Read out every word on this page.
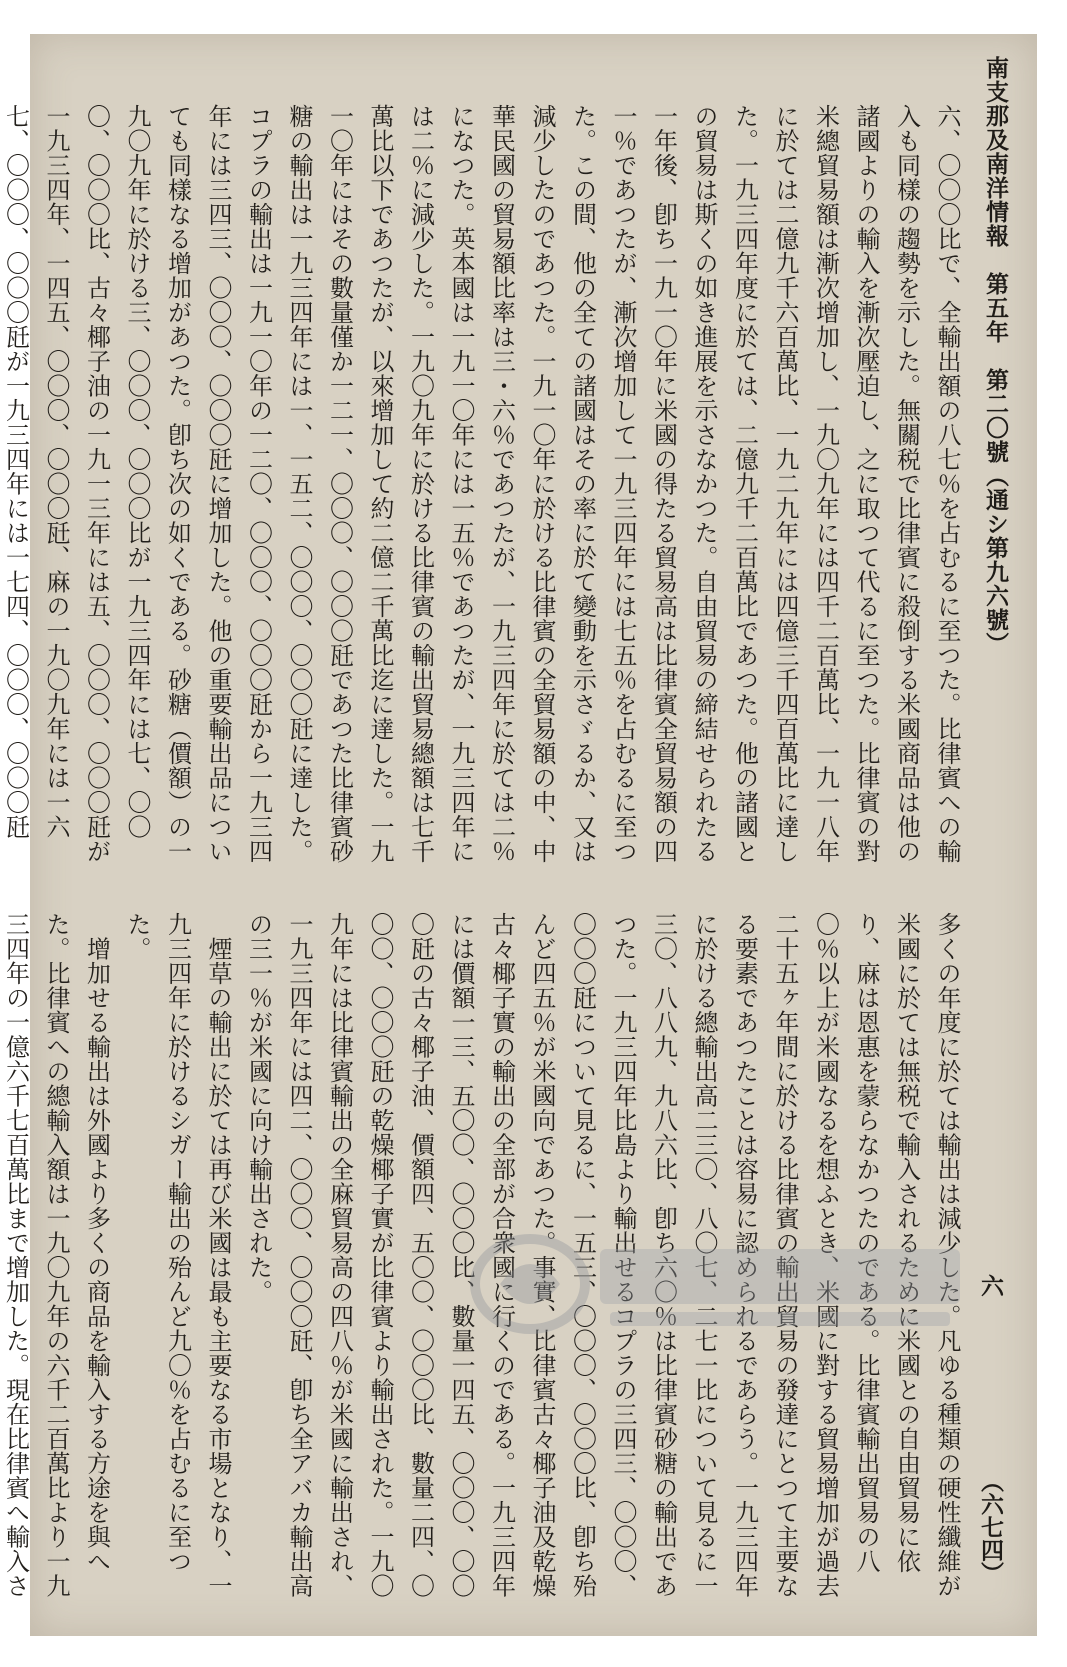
南支那及南洋情報　第五年　第二〇號（通シ第九六號）
六　　　　　　　　（六七四）

六、〇〇〇比で、全輸出額の八七％を占むるに至つた。比律賓への輸入も同樣の趨勢を示した。無關税で比律賓に殺倒する米國商品は他の諸國よりの輸入を漸次壓迫し、之に取つて代るに至つた。比律賓の對米總貿易額は漸次增加し、一九〇九年には四千二百萬比、一九一八年に於ては二億九千六百萬比、一九二九年には四億三千四百萬比に達した。一九三四年度に於ては、二億九千二百萬比であつた。他の諸國との貿易は斯くの如き進展を示さなかつた。自由貿易の締結せられたる一年後、卽ち一九一〇年に米國の得たる貿易高は比律賓全貿易額の四一％であつたが、漸次增加して一九三四年には七五％を占むるに至つた。この間、他の全ての諸國はその率に於て變動を示さゞるか、又は減少したのであつた。一九一〇年に於ける比律賓の全貿易額の中、中華民國の貿易額比率は三・六％であつたが、一九三四年に於ては二％になつた。英本國は一九一〇年には一五％であつたが、一九三四年には二％に減少した。一九〇九年に於ける比律賓の輸出貿易總額は七千萬比以下であつたが、以來增加して約二億二千萬比迄に達した。一九一〇年にはその數量僅か一二一、〇〇〇、〇〇〇瓩であつた比律賓砂糖の輸出は一九三四年には一、一五二、〇〇〇、〇〇〇瓩に達した。コプラの輸出は一九一〇年の一二〇、〇〇〇、〇〇〇瓩から一九三四年には三四三、〇〇〇、〇〇〇瓩に增加した。他の重要輸出品についても同樣なる增加があつた。卽ち次の如くである。砂糖（價額）の一九〇九年に於ける三、〇〇〇、〇〇〇比が一九三四年には七、〇〇〇、〇〇〇比、古々椰子油の一九一三年には五、〇〇〇、〇〇〇瓩が一九三四年、一四五、〇〇〇、〇〇〇瓩、麻の一九〇九年には一六七、〇〇〇、〇〇〇瓩が一九三四年には一七四、〇〇〇、〇〇〇瓩

多くの年度に於ては輸出は減少した。凡ゆる種類の硬性纖維が米國に於ては無税で輸入されるために米國との自由貿易に依り、麻は恩惠を蒙らなかつたのである。比律賓輸出貿易の八〇％以上が米國なるを想ふとき、米國に對する貿易增加が過去二十五ヶ年間に於ける比律賓の輸出貿易の發達にとつて主要なる要素であつたことは容易に認められるであらう。一九三四年に於ける總輸出高二三〇、八〇七、二七一比について見るに一三〇、八八九、九八六比、卽ち六〇％は比律賓砂糖の輸出であつた。一九三四年比島より輸出せるコプラの三四三、〇〇〇、〇〇〇瓩について見るに、一五三、〇〇〇、〇〇〇比、卽ち殆んど四五％が米國向であつた。事實、比律賓古々椰子油及乾燥古々椰子實の輸出の全部が合衆國に行くのである。一九三四年には價額一三、五〇〇、〇〇〇比、數量一四五、〇〇〇、〇〇〇瓩の古々椰子油、價額四、五〇〇、〇〇〇比、數量二四、〇〇〇、〇〇〇瓩の乾燥椰子實が比律賓より輸出された。一九〇九年には比律賓輸出の全麻貿易高の四八％が米國に輸出され、一九三四年には四二、〇〇〇、〇〇〇瓩、卽ち全アバカ輸出高の三一％が米國に向け輸出された。

　煙草の輸出に於ては再び米國は最も主要なる市場となり、一九三四年に於けるシガー輸出の殆んど九〇％を占むるに至つた。

　增加せる輸出は外國より多くの商品を輸入する方途を與へた。比律賓への總輸入額は一九〇九年の六千二百萬比より一九三四年の一億六千七百萬比まで增加した。現在比律賓へ輸入さ
